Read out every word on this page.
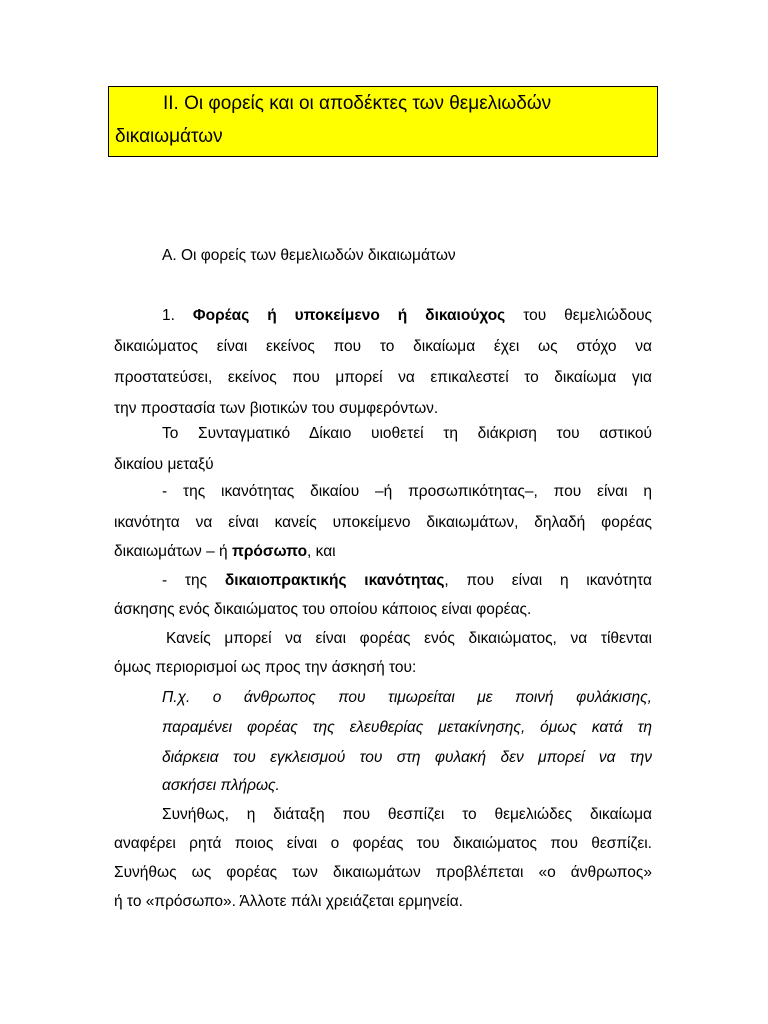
II. Οι φορείς και οι αποδέκτες των θεμελιωδών
δικαιωμάτων
Α. Οι φορείς των θεμελιωδών δικαιωμάτων
1. Φορέας ή υποκείμενο ή δικαιούχος του θεμελιώδους
δικαιώματος είναι εκείνος που το δικαίωμα έχει ως στόχο να
προστατεύσει, εκείνος που μπορεί να επικαλεστεί το δικαίωμα για
την προστασία των βιοτικών του συμφερόντων.
Το Συνταγματικό Δίκαιο υιοθετεί τη διάκριση του αστικού
δικαίου μεταξύ
- της ικανότητας δικαίου –ή προσωπικότητας–, που είναι η
ικανότητα να είναι κανείς υποκείμενο δικαιωμάτων, δηλαδή φορέας
δικαιωμάτων – ή πρόσωπο, και
- της δικαιοπρακτικής ικανότητας, που είναι η ικανότητα
άσκησης ενός δικαιώματος του οποίου κάποιος είναι φορέας.
Κανείς μπορεί να είναι φορέας ενός δικαιώματος, να τίθενται
όμως περιορισμοί ως προς την άσκησή του:
Π.χ. ο άνθρωπος που τιμωρείται με ποινή φυλάκισης,
παραμένει φορέας της ελευθερίας μετακίνησης, όμως κατά τη
διάρκεια του εγκλεισμού του στη φυλακή δεν μπορεί να την
ασκήσει πλήρως.
Συνήθως, η διάταξη που θεσπίζει το θεμελιώδες δικαίωμα
αναφέρει ρητά ποιος είναι ο φορέας του δικαιώματος που θεσπίζει.
Συνήθως ως φορέας των δικαιωμάτων προβλέπεται «ο άνθρωπος»
ή το «πρόσωπο». Άλλοτε πάλι χρειάζεται ερμηνεία.
